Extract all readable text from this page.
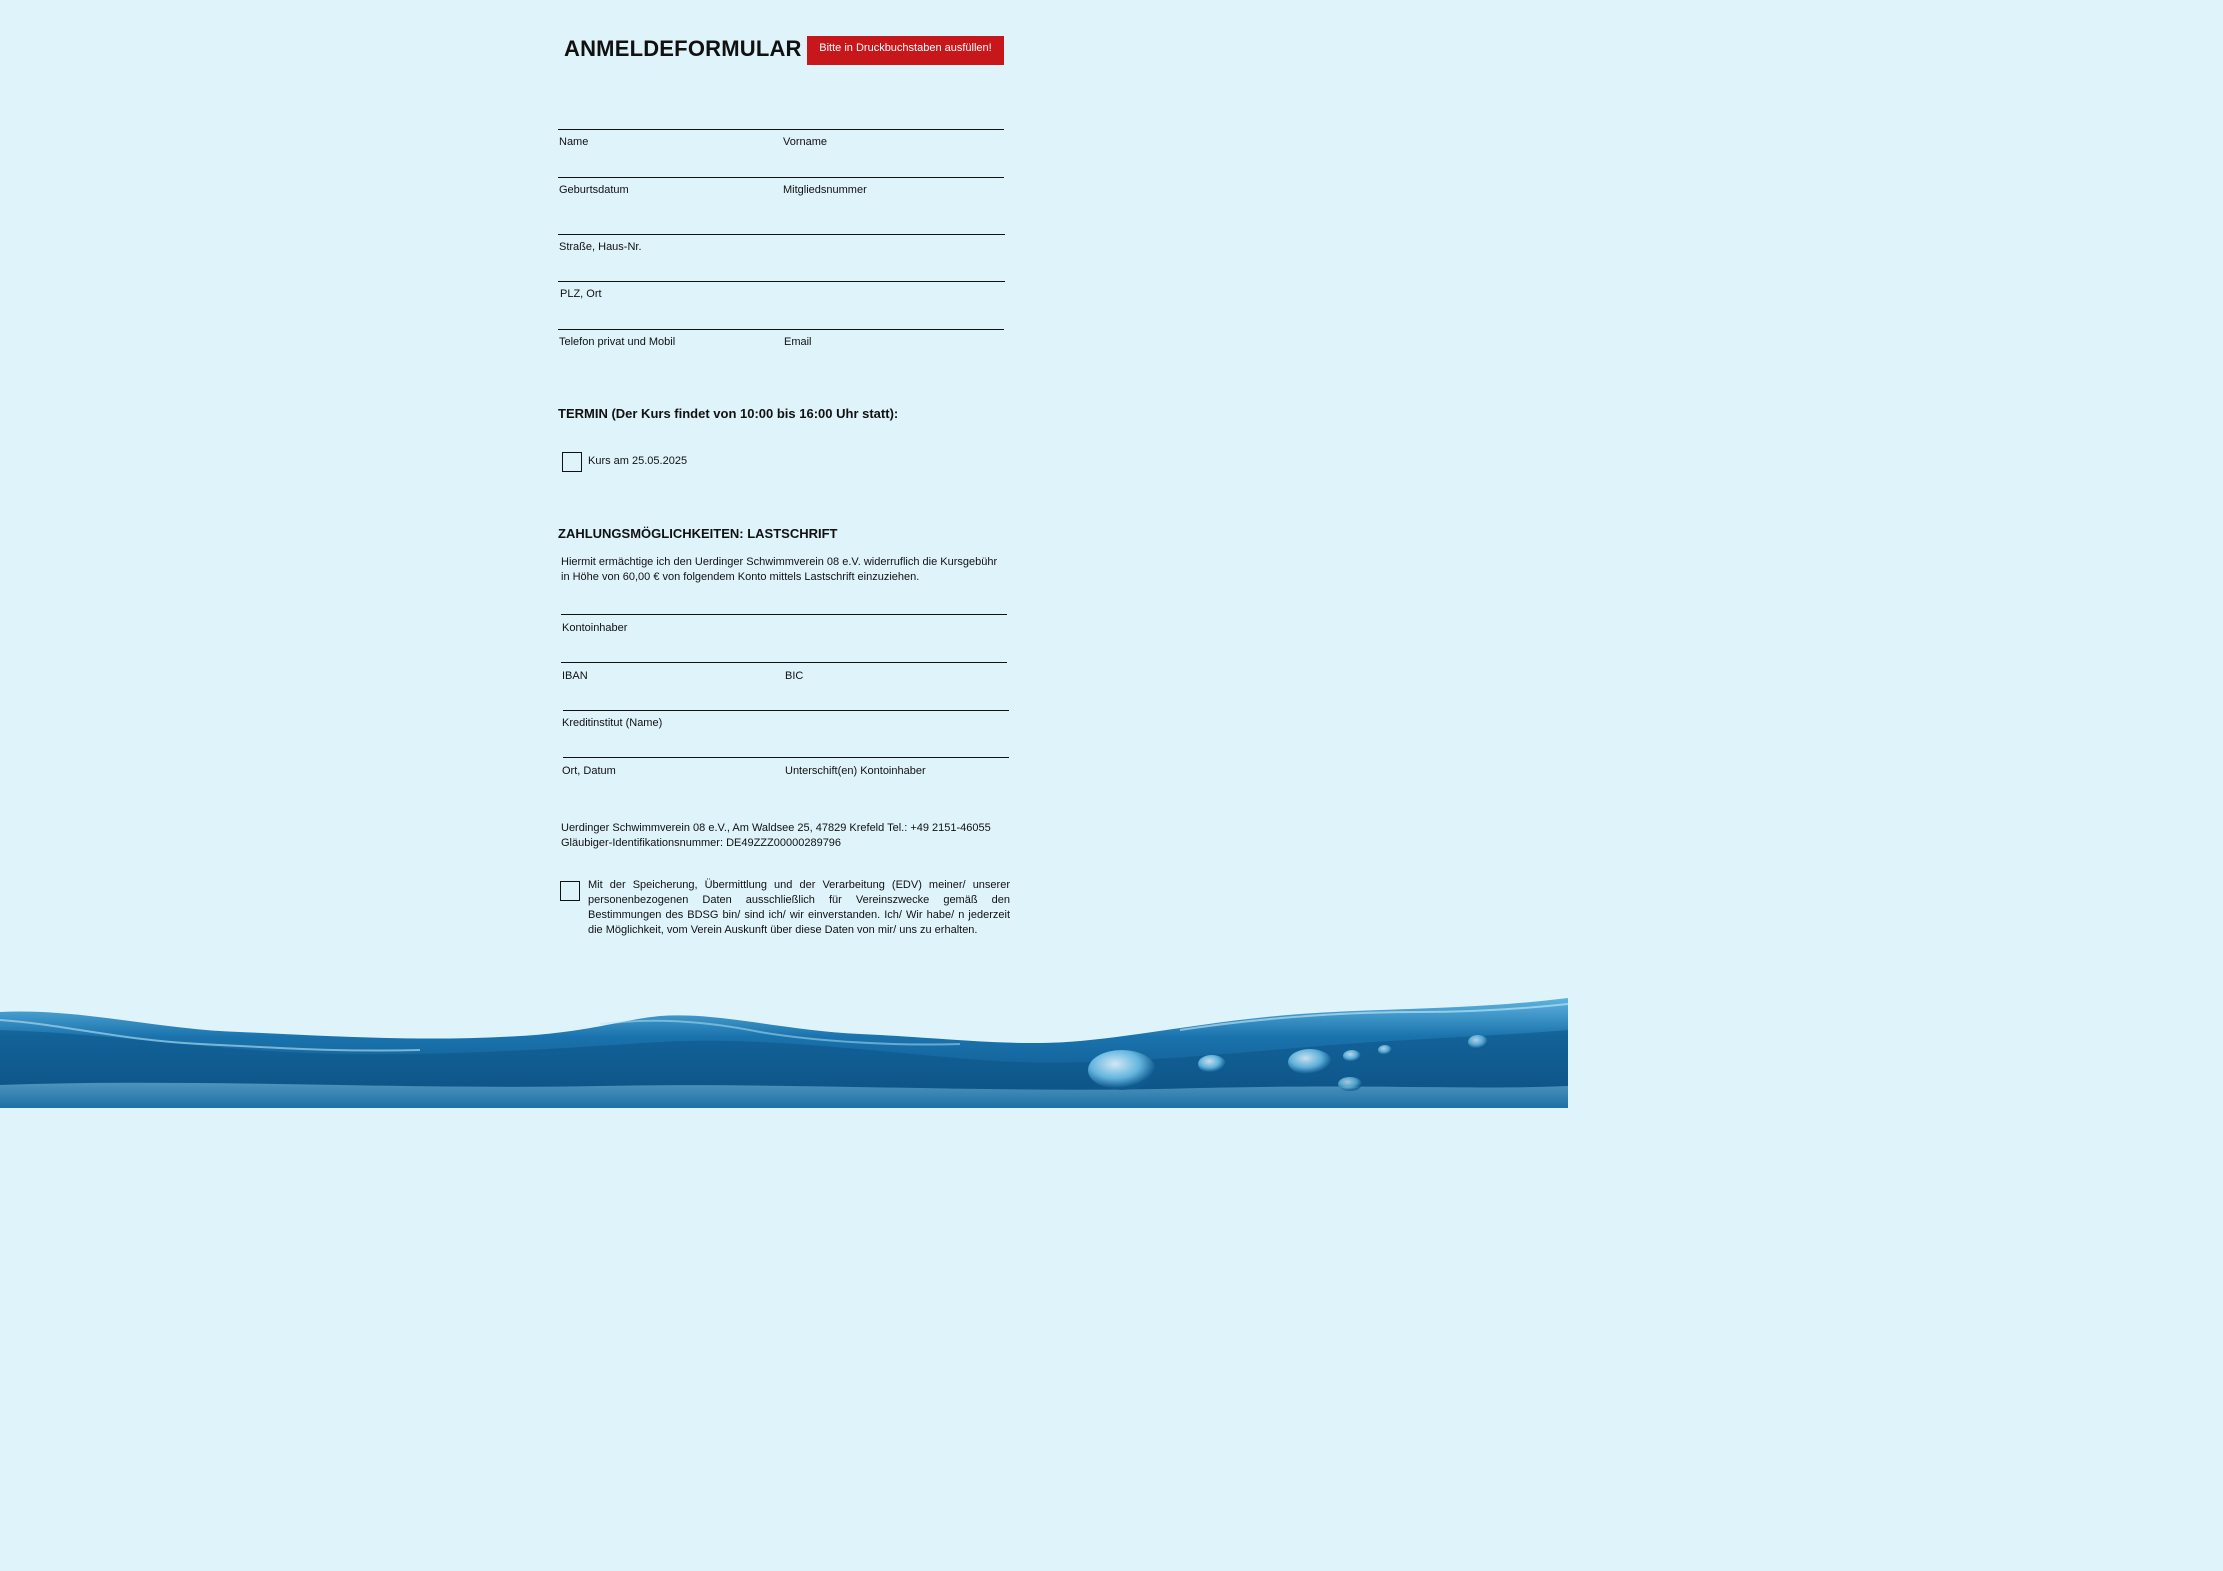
ANMELDEFORMULAR	Bitte in Druckbuchstaben ausfüllen!
Name	Vorname
Geburtsdatum	Mitgliedsnummer
Straße, Haus-Nr.
PLZ, Ort
Telefon privat und Mobil	Email
TERMIN (Der Kurs findet von 10:00 bis 16:00 Uhr statt):
Kurs am 25.05.2025
ZAHLUNGSMÖGLICHKEITEN: LASTSCHRIFT
Hiermit ermächtige ich den Uerdinger Schwimmverein 08 e.V. widerruflich die Kursgebühr
in Höhe von 60,00 € von folgendem Konto mittels Lastschrift einzuziehen.
Kontoinhaber
IBAN	BIC
Kreditinstitut (Name)
Ort, Datum	Unterschift(en) Kontoinhaber
Uerdinger Schwimmverein 08 e.V., Am Waldsee 25, 47829 Krefeld Tel.: +49 2151-46055
Gläubiger-Identifikationsnummer: DE49ZZZ00000289796
Mit der Speicherung, Übermittlung und der Verarbeitung (EDV) meiner/ unserer personenbezogenen Daten ausschließlich für Vereinszwecke gemäß den Bestimmungen des BDSG bin/ sind ich/ wir einverstanden. Ich/ Wir habe/ n jederzeit die Möglichkeit, vom Verein Auskunft über diese Daten von mir/ uns zu erhalten.
